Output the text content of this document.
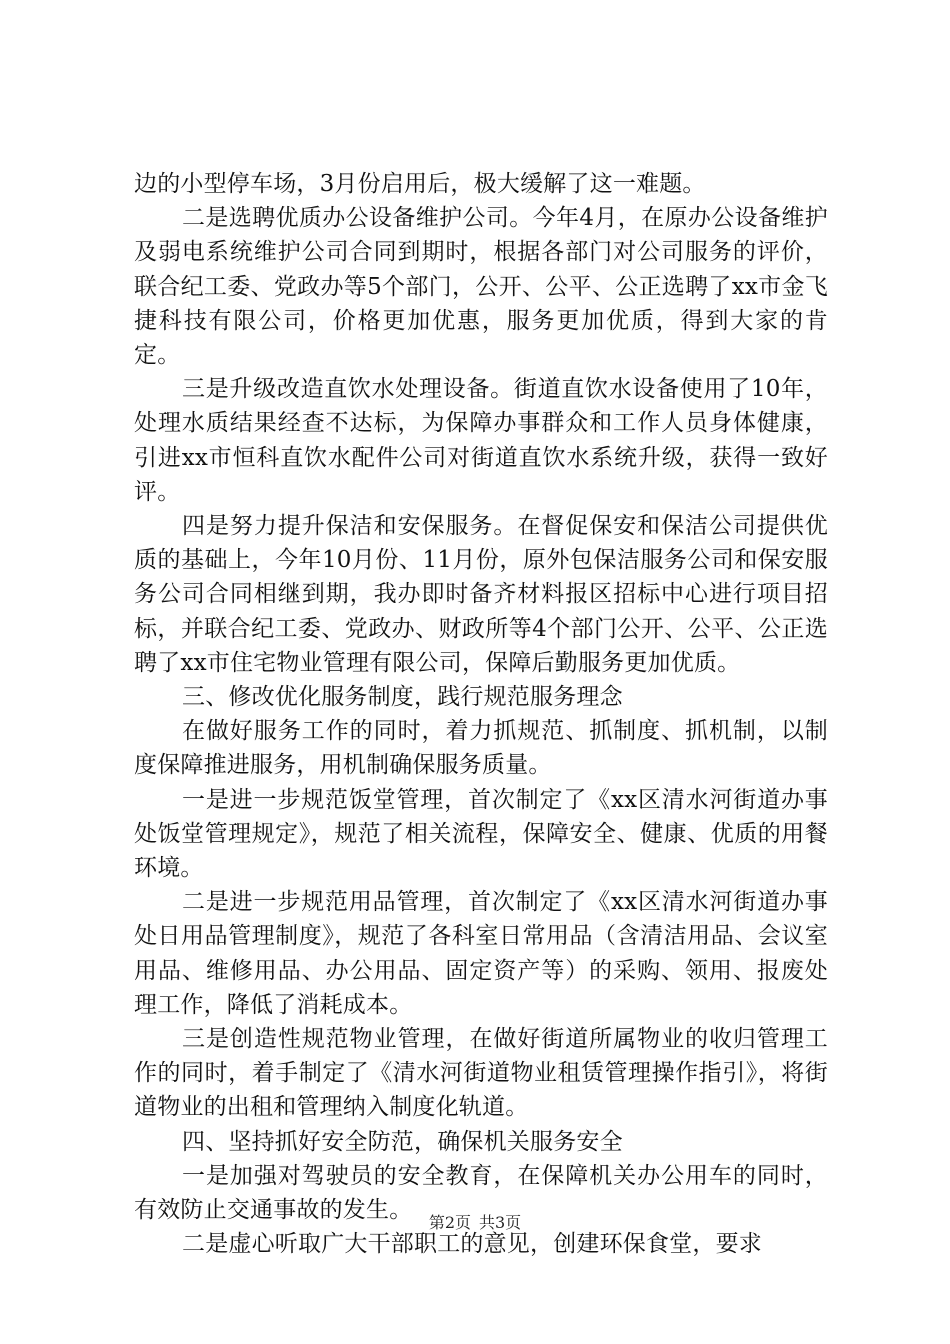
边的小型停车场，3月份启用后，极大缓解了这一难题。

二是选聘优质办公设备维护公司。今年4月，在原办公设备维护及弱电系统维护公司合同到期时，根据各部门对公司服务的评价，联合纪工委、党政办等5个部门，公开、公平、公正选聘了xx市金飞捷科技有限公司，价格更加优惠，服务更加优质，得到大家的肯定。

三是升级改造直饮水处理设备。街道直饮水设备使用了10年，处理水质结果经查不达标，为保障办事群众和工作人员身体健康，引进xx市恒科直饮水配件公司对街道直饮水系统升级，获得一致好评。

四是努力提升保洁和安保服务。在督促保安和保洁公司提供优质的基础上，今年10月份、11月份，原外包保洁服务公司和保安服务公司合同相继到期，我办即时备齐材料报区招标中心进行项目招标，并联合纪工委、党政办、财政所等4个部门公开、公平、公正选聘了xx市住宅物业管理有限公司，保障后勤服务更加优质。

三、修改优化服务制度，践行规范服务理念

在做好服务工作的同时，着力抓规范、抓制度、抓机制，以制度保障推进服务，用机制确保服务质量。

一是进一步规范饭堂管理，首次制定了《xx区清水河街道办事处饭堂管理规定》，规范了相关流程，保障安全、健康、优质的用餐环境。

二是进一步规范用品管理，首次制定了《xx区清水河街道办事处日用品管理制度》，规范了各科室日常用品（含清洁用品、会议室用品、维修用品、办公用品、固定资产等）的采购、领用、报废处理工作，降低了消耗成本。

三是创造性规范物业管理，在做好街道所属物业的收归管理工作的同时，着手制定了《清水河街道物业租赁管理操作指引》，将街道物业的出租和管理纳入制度化轨道。

四、坚持抓好安全防范，确保机关服务安全

一是加强对驾驶员的安全教育，在保障机关办公用车的同时，有效防止交通事故的发生。

二是虚心听取广大干部职工的意见，创建环保食堂，要求

第2页 共3页
